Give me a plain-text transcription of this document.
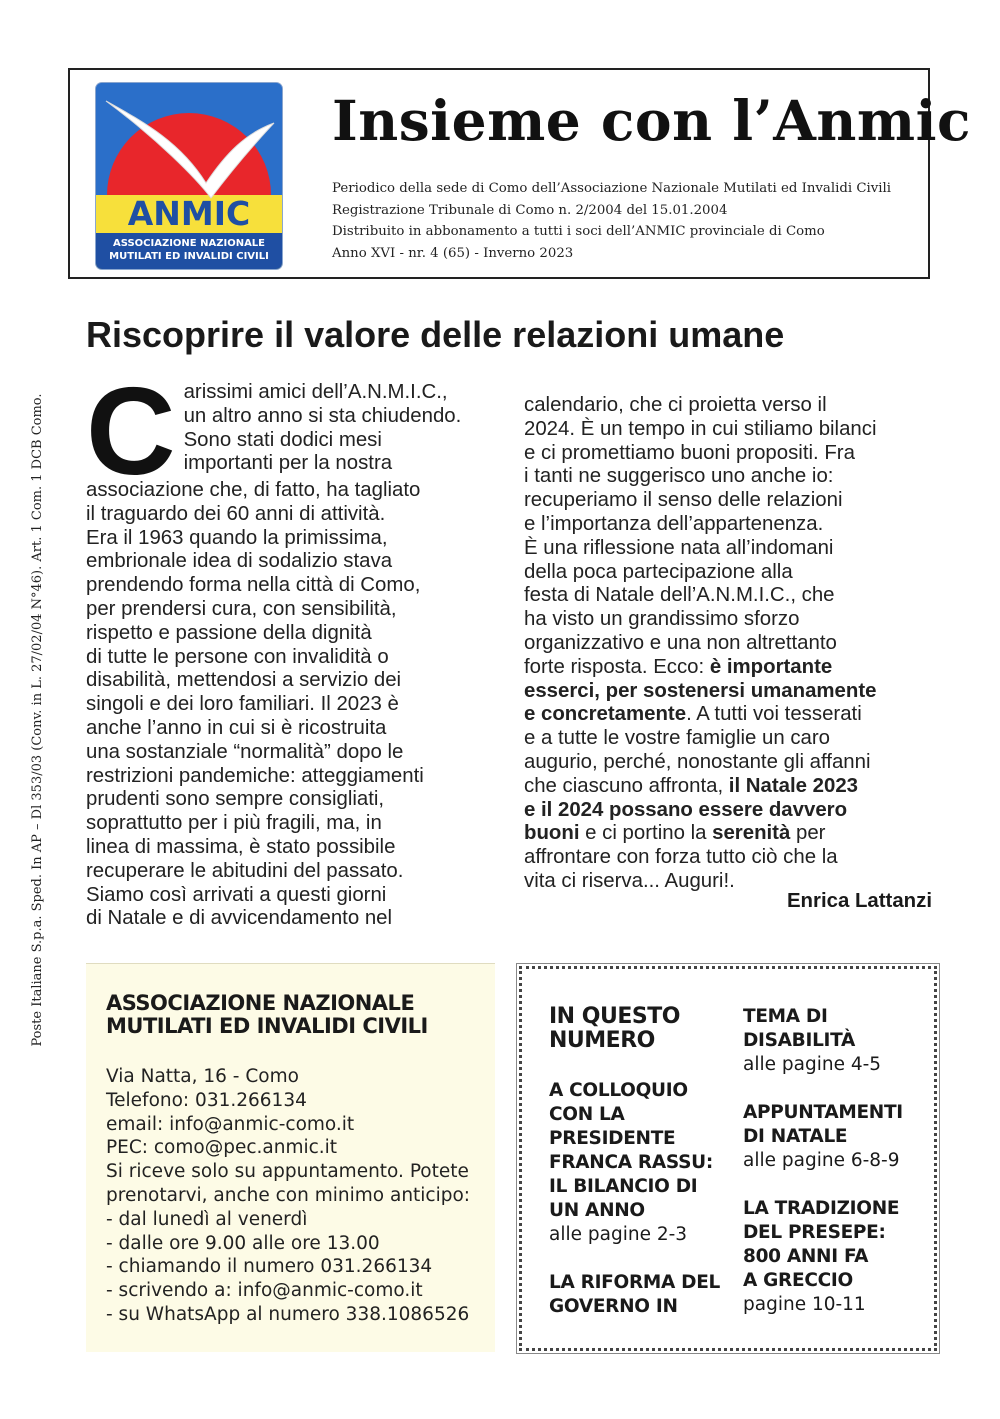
ANMIC
ASSOCIAZIONE NAZIONALE
MUTILATI ED INVALIDI CIVILI
Insieme con l’Anmic
Periodico della sede di Como dell’Associazione Nazionale Mutilati ed Invalidi Civili
Registrazione Tribunale di Como n. 2/2004 del 15.01.2004
Distribuito in abbonamento a tutti i soci dell’ANMIC provinciale di Como
Anno XVI - nr. 4 (65) - Inverno 2023
Poste Italiane S.p.a. Sped. In AP – Dl 353/03 (Conv. in L. 27/02/04 N°46). Art. 1 Com. 1 DCB Como.
Riscoprire il valore delle relazioni umane
C arissimi amici dell’A.N.M.I.C.,
un altro anno si sta chiudendo.
Sono stati dodici mesi
importanti per la nostra
associazione che, di fatto, ha tagliato
il traguardo dei 60 anni di attività.
Era il 1963 quando la primissima,
embrionale idea di sodalizio stava
prendendo forma nella città di Como,
per prendersi cura, con sensibilità,
rispetto e passione della dignità
di tutte le persone con invalidità o
disabilità, mettendosi a servizio dei
singoli e dei loro familiari. Il 2023 è
anche l’anno in cui si è ricostruita
una sostanziale “normalità” dopo le
restrizioni pandemiche: atteggiamenti
prudenti sono sempre consigliati,
soprattutto per i più fragili, ma, in
linea di massima, è stato possibile
recuperare le abitudini del passato.
Siamo così arrivati a questi giorni
di Natale e di avvicendamento nel
calendario, che ci proietta verso il
2024. È un tempo in cui stiliamo bilanci
e ci promettiamo buoni propositi. Fra
i tanti ne suggerisco uno anche io:
recuperiamo il senso delle relazioni
e l’importanza dell’appartenenza.
È una riflessione nata all’indomani
della poca partecipazione alla
festa di Natale dell’A.N.M.I.C., che
ha visto un grandissimo sforzo
organizzativo e una non altrettanto
forte risposta. Ecco: è importante
esserci, per sostenersi umanamente
e concretamente. A tutti voi tesserati
e a tutte le vostre famiglie un caro
augurio, perché, nonostante gli affanni
che ciascuno affronta, il Natale 2023
e il 2024 possano essere davvero
buoni e ci portino la serenità per
affrontare con forza tutto ciò che la
vita ci riserva... Auguri!.
Enrica Lattanzi
ASSOCIAZIONE NAZIONALE
MUTILATI ED INVALIDI CIVILI
Via Natta, 16 - Como
Telefono: 031.266134
email: info@anmic-como.it
PEC: como@pec.anmic.it
Si riceve solo su appuntamento. Potete
prenotarvi, anche con minimo anticipo:
- dal lunedì al venerdì
- dalle ore 9.00 alle ore 13.00
- chiamando il numero 031.266134
- scrivendo a: info@anmic-como.it
- su WhatsApp al numero 338.1086526
IN QUESTO
NUMERO
A COLLOQUIO
CON LA
PRESIDENTE
FRANCA RASSU:
IL BILANCIO DI
UN ANNO
alle pagine 2-3
LA RIFORMA DEL
GOVERNO IN
TEMA DI
DISABILITÀ
alle pagine 4-5
APPUNTAMENTI
DI NATALE
alle pagine 6-8-9
LA TRADIZIONE
DEL PRESEPE:
800 ANNI FA
A GRECCIO
pagine 10-11
